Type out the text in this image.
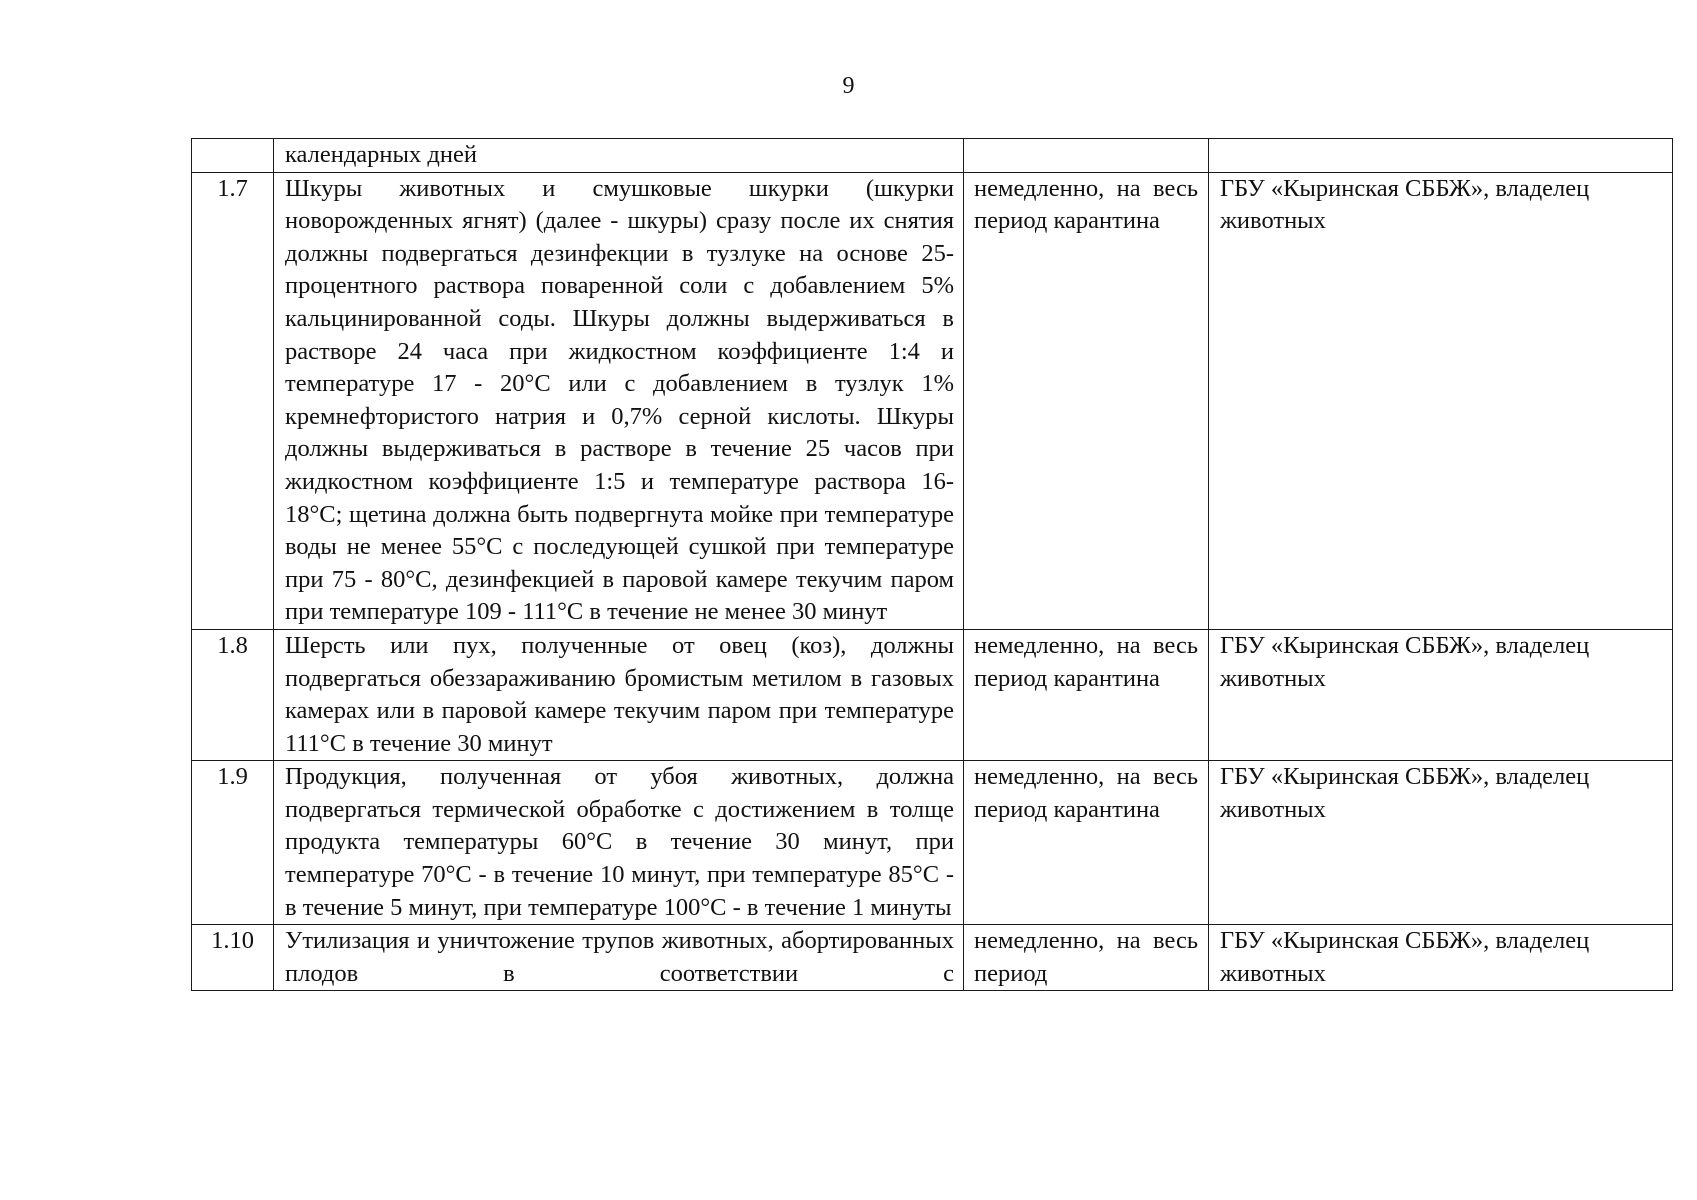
9
	календарных дней		
1.7	Шкуры животных и смушковые шкурки (шкурки новорожденных ягнят) (далее - шкуры) сразу после их снятия должны подвергаться дезинфекции в тузлуке на основе 25-процентного раствора поваренной соли с добавлением 5% кальцинированной соды. Шкуры должны выдерживаться в растворе 24 часа при жидкостном коэффициенте 1:4 и температуре 17 - 20°C или с добавлением в тузлук 1% кремнефтористого натрия и 0,7% серной кислоты. Шкуры должны выдерживаться в растворе в течение 25 часов при жидкостном коэффициенте 1:5 и температуре раствора 16-18°C; щетина должна быть подвергнута мойке при температуре воды не менее 55°C с последующей сушкой при температуре при 75 - 80°C, дезинфекцией в паровой камере текучим паром при температуре 109 - 111°C в течение не менее 30 минут	немедленно, на весь период карантина	ГБУ «Кыринская СББЖ», владелец животных
1.8	Шерсть или пух, полученные от овец (коз), должны подвергаться обеззараживанию бромистым метилом в газовых камерах или в паровой камере текучим паром при температуре 111°C в течение 30 минут	немедленно, на весь период карантина	ГБУ «Кыринская СББЖ», владелец животных
1.9	Продукция, полученная от убоя животных, должна подвергаться термической обработке с достижением в толще продукта температуры 60°C в течение 30 минут, при температуре 70°C - в течение 10 минут, при температуре 85°C - в течение 5 минут, при температуре 100°C - в течение 1 минуты	немедленно, на весь период карантина	ГБУ «Кыринская СББЖ», владелец животных
1.10	Утилизация и уничтожение трупов животных, абортированных плодов в соответствии с	немедленно, на весь период	ГБУ «Кыринская СББЖ», владелец животных
